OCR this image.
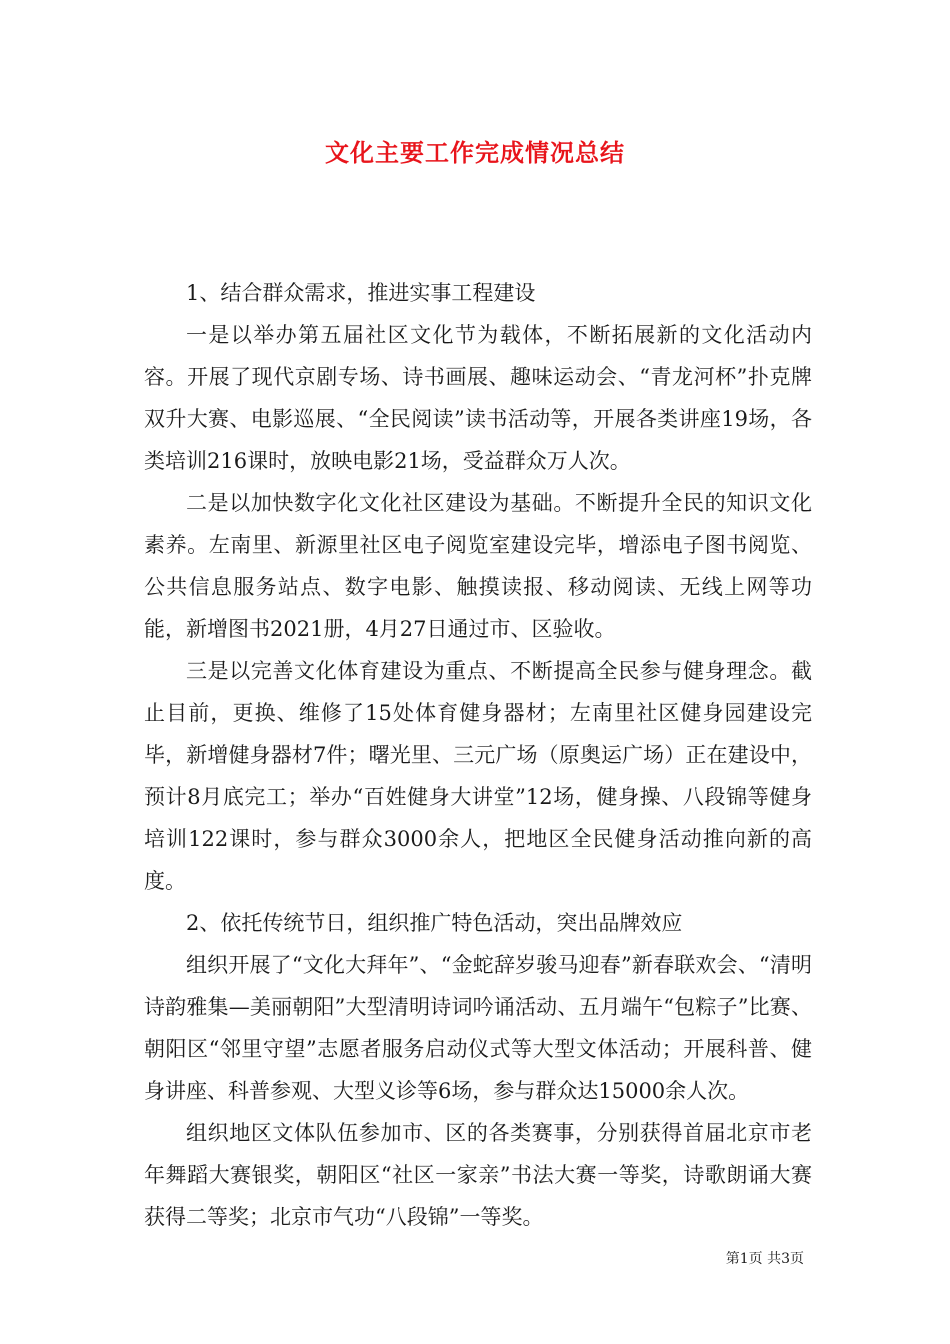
文化主要工作完成情况总结

1、结合群众需求，推进实事工程建设

一是以举办第五届社区文化节为载体，不断拓展新的文化活动内容。开展了现代京剧专场、诗书画展、趣味运动会、“青龙河杯”扑克牌双升大赛、电影巡展、“全民阅读”读书活动等，开展各类讲座19场，各类培训216课时，放映电影21场，受益群众万人次。

二是以加快数字化文化社区建设为基础。不断提升全民的知识文化素养。左南里、新源里社区电子阅览室建设完毕，增添电子图书阅览、公共信息服务站点、数字电影、触摸读报、移动阅读、无线上网等功能，新增图书2021册，4月27日通过市、区验收。

三是以完善文化体育建设为重点、不断提高全民参与健身理念。截止目前，更换、维修了15处体育健身器材；左南里社区健身园建设完毕，新增健身器材7件；曙光里、三元广场（原奥运广场）正在建设中，预计8月底完工；举办“百姓健身大讲堂”12场，健身操、八段锦等健身培训122课时，参与群众3000余人，把地区全民健身活动推向新的高度。

2、依托传统节日，组织推广特色活动，突出品牌效应

组织开展了“文化大拜年”、“金蛇辞岁骏马迎春”新春联欢会、“清明诗韵雅集—美丽朝阳”大型清明诗词吟诵活动、五月端午“包粽子”比赛、朝阳区“邻里守望”志愿者服务启动仪式等大型文体活动；开展科普、健身讲座、科普参观、大型义诊等6场，参与群众达15000余人次。

组织地区文体队伍参加市、区的各类赛事，分别获得首届北京市老年舞蹈大赛银奖，朝阳区“社区一家亲”书法大赛一等奖，诗歌朗诵大赛获得二等奖；北京市气功“八段锦”一等奖。

第1页 共3页
